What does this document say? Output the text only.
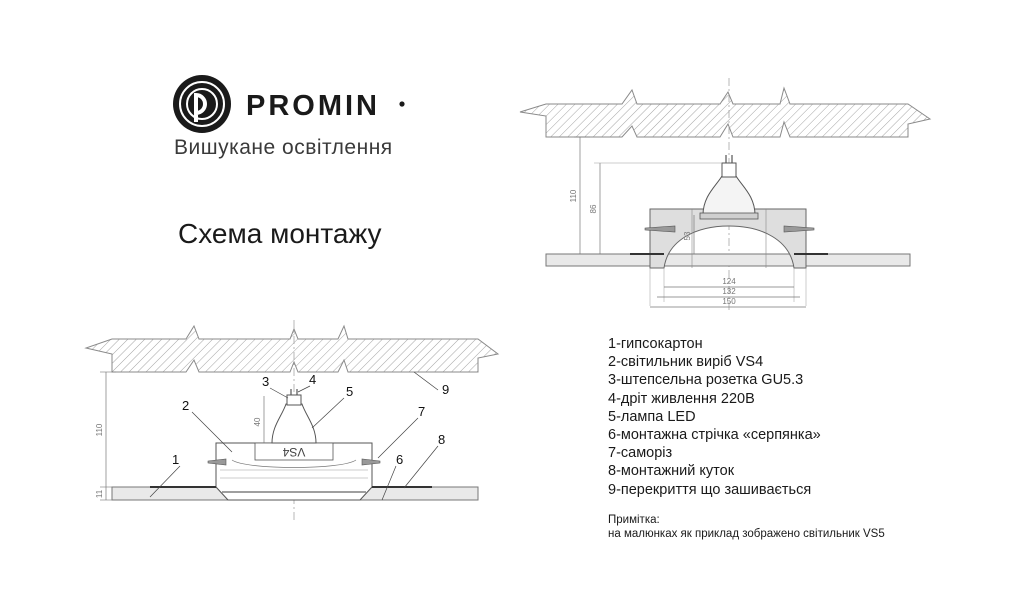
110
86
53
124
132
150
VS4
110
40
11
1
2
3	4
5
6
7
8
9
PROMIN
Вишукане освітлення
Схема монтажу
1-гипсокартон
2-світильник виріб VS4
3-штепсельна розетка GU5.3
4-дріт живлення 220В
5-лампа LED
6-монтажна стрічка «серпянка»
7-саморіз
8-монтажний куток
9-перекриття що зашивається
Примітка:
на малюнках як приклад зображено світильник VS5
